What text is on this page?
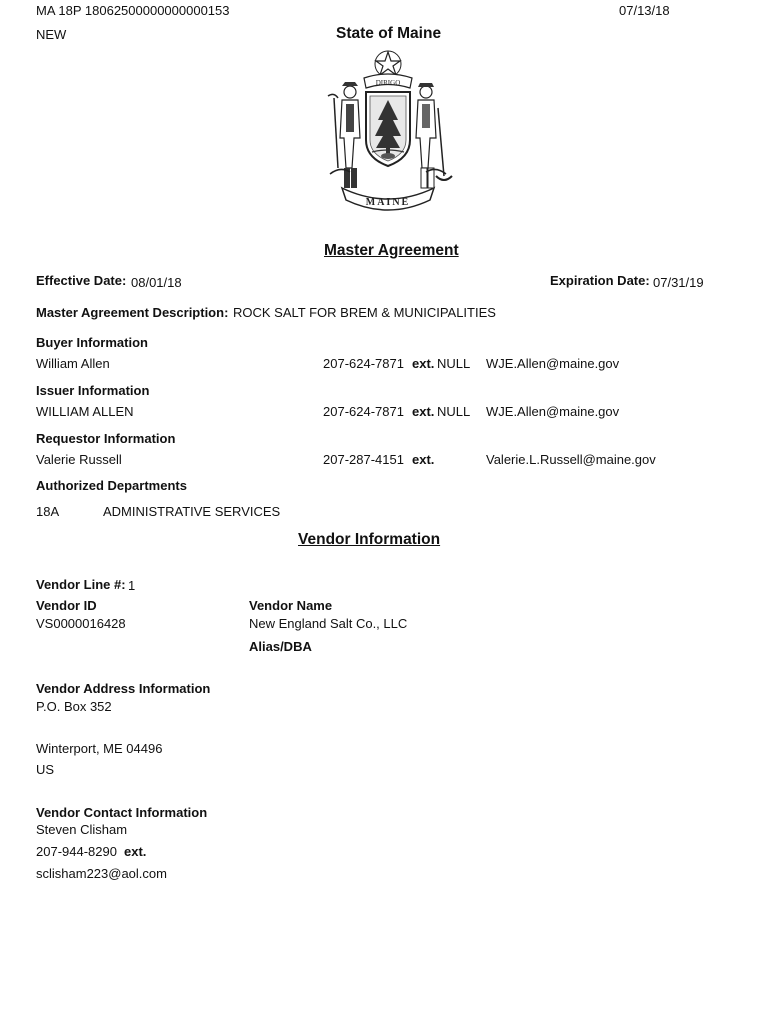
MA 18P 18062500000000000153	07/13/18
NEW	State of Maine
DIRIGO
MAINE
Master Agreement
Effective Date: 08/01/18	Expiration Date: 07/31/19
Master Agreement Description: ROCK SALT FOR BREM & MUNICIPALITIES
Buyer Information
William Allen	207-624-7871 ext. NULL WJE.Allen@maine.gov
Issuer Information
WILLIAM ALLEN	207-624-7871 ext. NULL WJE.Allen@maine.gov
Requestor Information
Valerie Russell	207-287-4151 ext.	Valerie.L.Russell@maine.gov
Authorized Departments
18A	ADMINISTRATIVE SERVICES
Vendor Information
Vendor Line #: 1
Vendor ID
VS0000016428
Vendor Name
New England Salt Co., LLC
Alias/DBA
Vendor Address Information
P.O. Box 352
Winterport, ME 04496
US
Vendor Contact Information
Steven Clisham
207-944-8290 ext.
sclisham223@aol.com
